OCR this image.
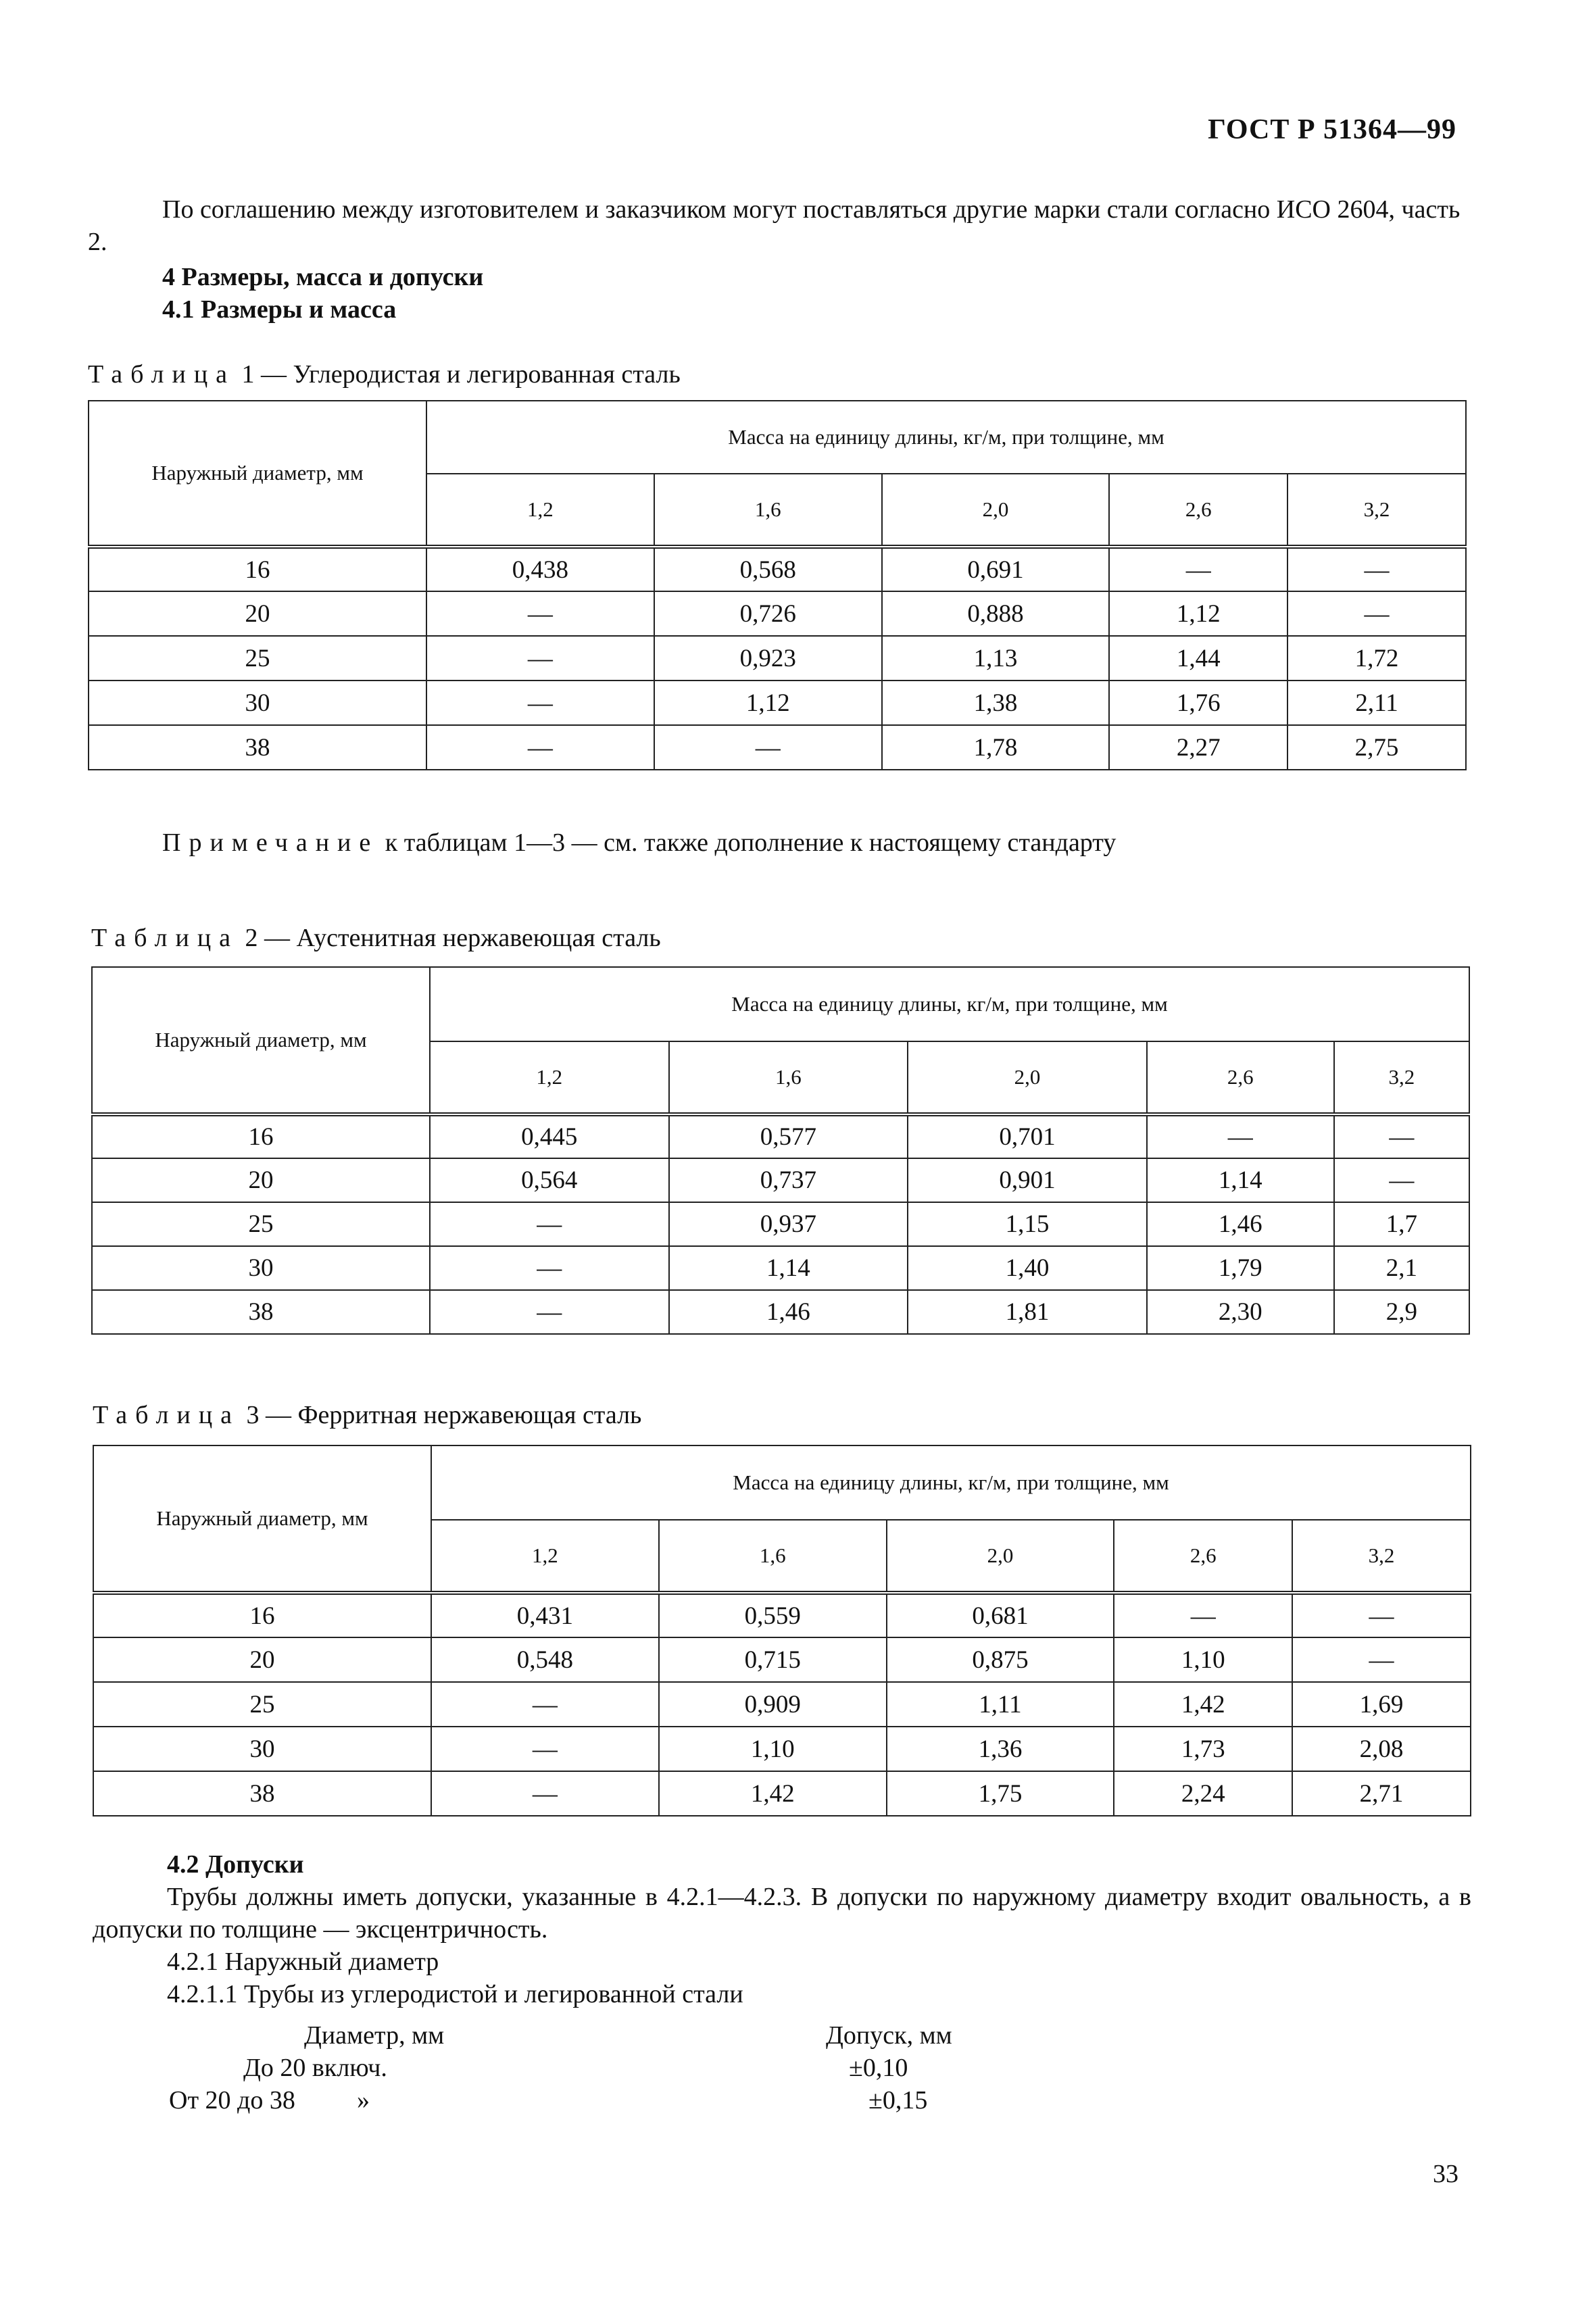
ГОСТ Р 51364—99
По соглашению между изготовителем и заказчиком могут поставляться другие марки стали согласно ИСО 2604, часть 2.
4 Размеры, масса и допуски
4.1 Размеры и масса
Таблица 1 — Углеродистая и легированная сталь
Наружный диаметр, мм	Масса на единицу длины, кг/м, при толщине, мм				
	1,2	1,6	2,0	2,6	3,2
16	0,438	0,568	0,691	—	—
20	—	0,726	0,888	1,12	—
25	—	0,923	1,13	1,44	1,72
30	—	1,12	1,38	1,76	2,11
38	—	—	1,78	2,27	2,75
Примечание к таблицам 1—3 — см. также дополнение к настоящему стандарту
Таблица 2 — Аустенитная нержавеющая сталь
Наружный диаметр, мм	Масса на единицу длины, кг/м, при толщине, мм				
	1,2	1,6	2,0	2,6	3,2
16	0,445	0,577	0,701	—	—
20	0,564	0,737	0,901	1,14	—
25	—	0,937	1,15	1,46	1,7
30	—	1,14	1,40	1,79	2,1
38	—	1,46	1,81	2,30	2,9
Таблица 3 — Ферритная нержавеющая сталь
Наружный диаметр, мм	Масса на единицу длины, кг/м, при толщине, мм				
	1,2	1,6	2,0	2,6	3,2
16	0,431	0,559	0,681	—	—
20	0,548	0,715	0,875	1,10	—
25	—	0,909	1,11	1,42	1,69
30	—	1,10	1,36	1,73	2,08
38	—	1,42	1,75	2,24	2,71
4.2 Допуски
Трубы должны иметь допуски, указанные в 4.2.1—4.2.3. В допуски по наружному диаметру входит овальность, а в допуски по толщине — эксцентричность.
4.2.1 Наружный диаметр
4.2.1.1 Трубы из углеродистой и легированной стали
Диаметр, мм	Допуск, мм
До 20 включ.	±0,10
От 20 до 38 »	±0,15
33
